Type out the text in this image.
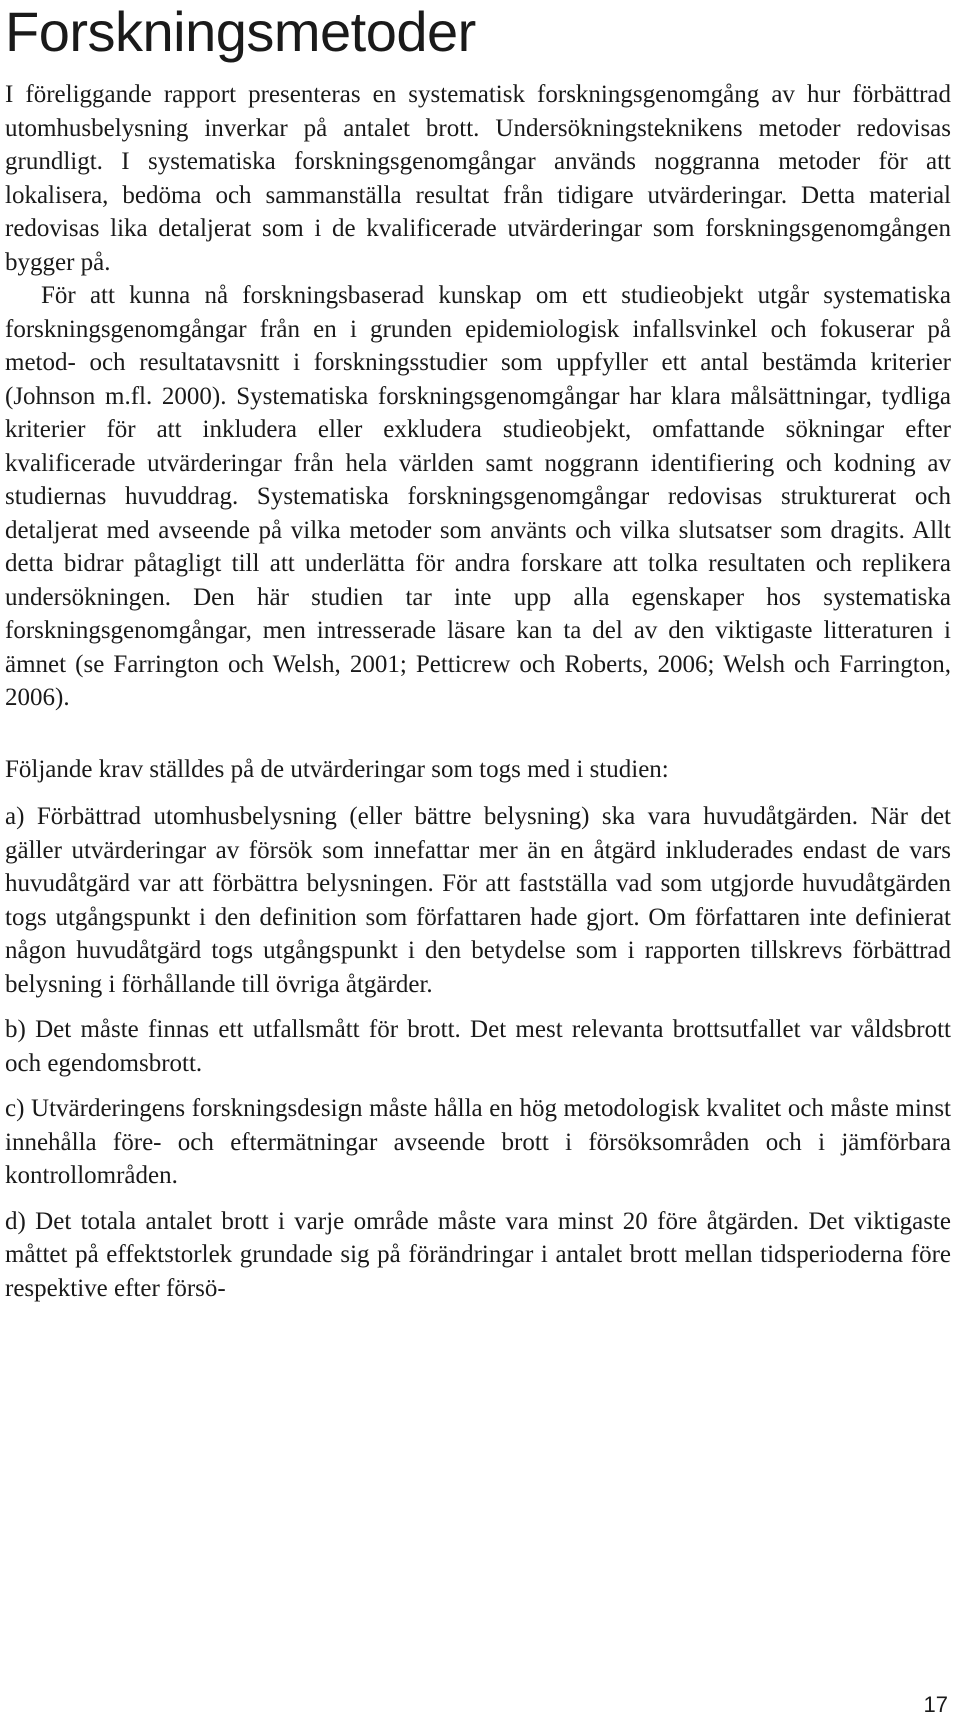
Forskningsmetoder

I föreliggande rapport presenteras en systematisk forskningsgenomgång av hur förbättrad utomhusbelysning inverkar på antalet brott. Undersökningsteknikens metoder redovisas grundligt. I systematiska forskningsgenomgångar används noggranna metoder för att lokalisera, bedöma och sammanställa resultat från tidigare utvärderingar. Detta material redovisas lika detaljerat som i de kvalificerade utvärderingar som forskningsgenomgången bygger på.

För att kunna nå forskningsbaserad kunskap om ett studieobjekt utgår systematiska forskningsgenomgångar från en i grunden epidemiologisk infallsvinkel och fokuserar på metod- och resultatavsnitt i forskningsstudier som uppfyller ett antal bestämda kriterier (Johnson m.fl. 2000). Systematiska forskningsgenomgångar har klara målsättningar, tydliga kriterier för att inkludera eller exkludera studieobjekt, omfattande sökningar efter kvalificerade utvärderingar från hela världen samt noggrann identifiering och kodning av studiernas huvuddrag. Systematiska forskningsgenomgångar redovisas strukturerat och detaljerat med avseende på vilka metoder som använts och vilka slutsatser som dragits. Allt detta bidrar påtagligt till att underlätta för andra forskare att tolka resultaten och replikera undersökningen. Den här studien tar inte upp alla egenskaper hos systematiska forskningsgenomgångar, men intresserade läsare kan ta del av den viktigaste litteraturen i ämnet (se Farrington och Welsh, 2001; Petticrew och Roberts, 2006; Welsh och Farrington, 2006).

Följande krav ställdes på de utvärderingar som togs med i studien:

a) Förbättrad utomhusbelysning (eller bättre belysning) ska vara huvudåtgärden. När det gäller utvärderingar av försök som innefattar mer än en åtgärd inkluderades endast de vars huvudåtgärd var att förbättra belysningen. För att fastställa vad som utgjorde huvudåtgärden togs utgångspunkt i den definition som författaren hade gjort. Om författaren inte definierat någon huvudåtgärd togs utgångspunkt i den betydelse som i rapporten tillskrevs förbättrad belysning i förhållande till övriga åtgärder.

b) Det måste finnas ett utfallsmått för brott. Det mest relevanta brottsutfallet var våldsbrott och egendomsbrott.

c) Utvärderingens forskningsdesign måste hålla en hög metodologisk kvalitet och måste minst innehålla före- och eftermätningar avseende brott i försöksområden och i jämförbara kontrollområden.

d) Det totala antalet brott i varje område måste vara minst 20 före åtgärden. Det viktigaste måttet på effektstorlek grundade sig på förändringar i antalet brott mellan tidsperioderna före respektive efter försö-

17
